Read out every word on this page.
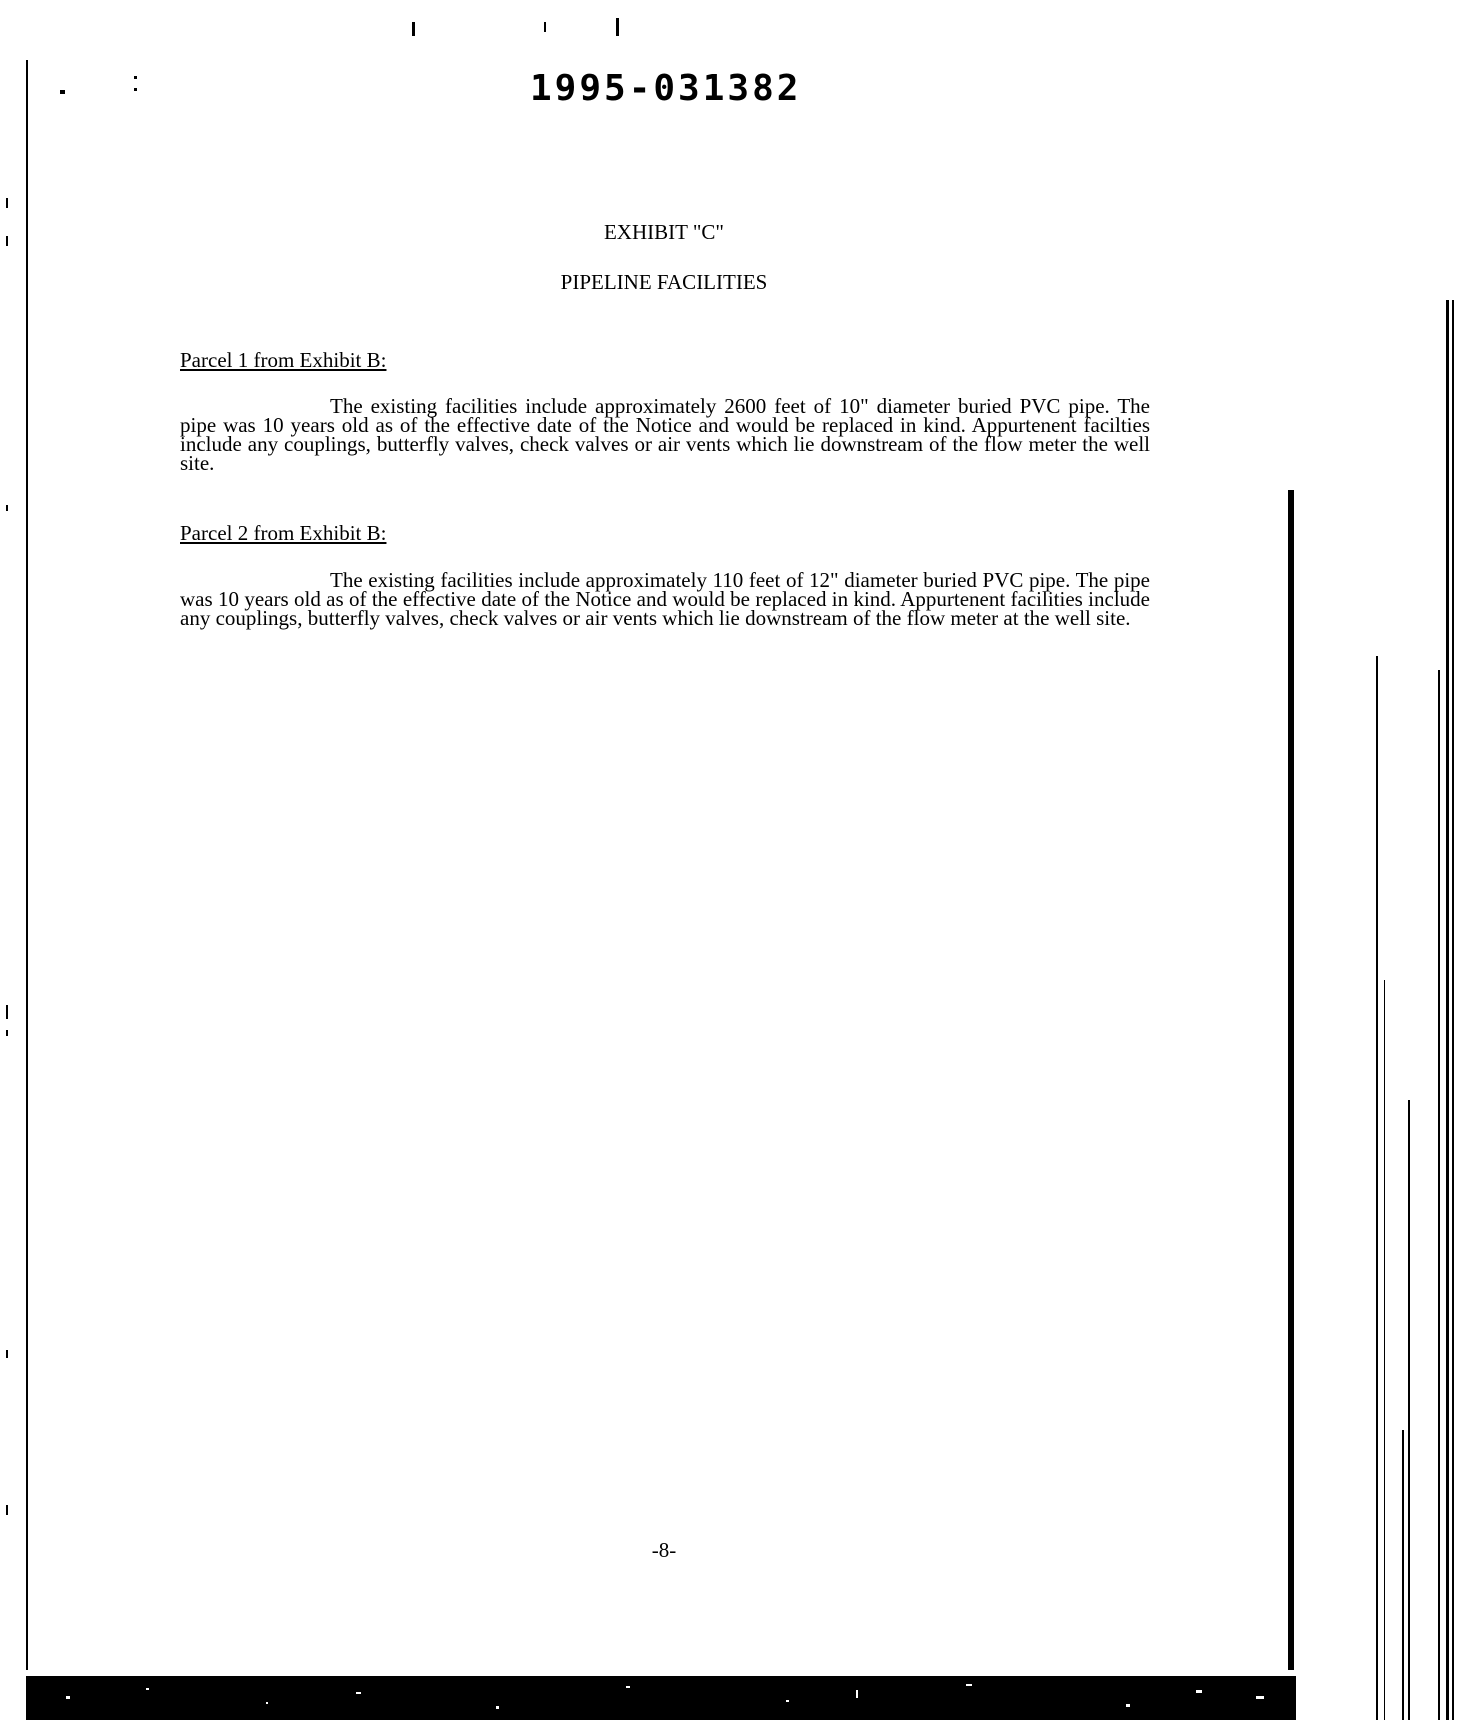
1995-031382
EXHIBIT "C"
PIPELINE FACILITIES
Parcel 1 from Exhibit B:
The existing facilities include approximately 2600 feet of 10" diameter buried PVC pipe. The pipe was 10 years old as of the effective date of the Notice and would be replaced in kind. Appurtenent facilties include any couplings, butterfly valves, check valves or air vents which lie downstream of the flow meter the well site.
Parcel 2 from Exhibit B:
The existing facilities include approximately 110 feet of 12" diameter buried PVC pipe. The pipe was 10 years old as of the effective date of the Notice and would be replaced in kind. Appurtenent facilities include any couplings, butterfly valves, check valves or air vents which lie downstream of the flow meter at the well site.
-8-
